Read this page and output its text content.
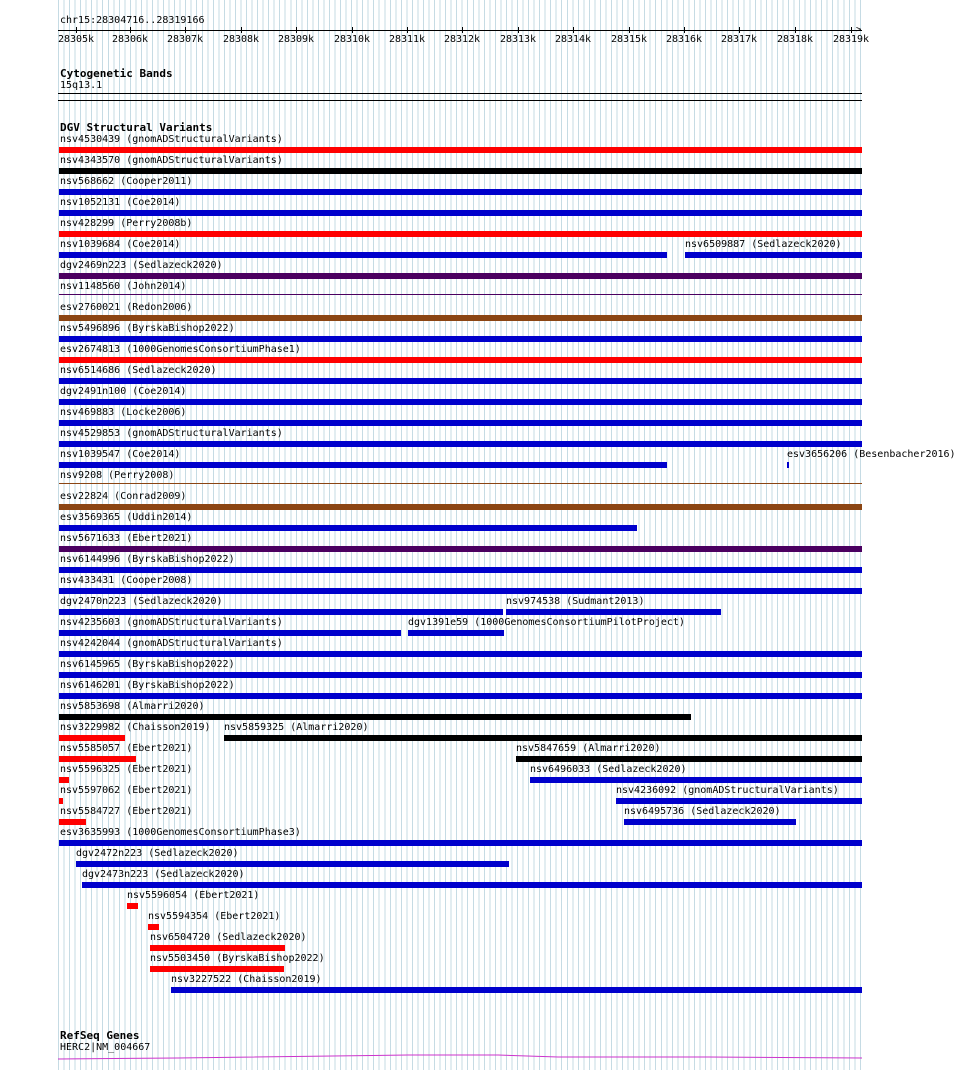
chr15:28304716..28319166
>
28305k 28306k 28307k 28308k 28309k 28310k 28311k 28312k 28313k 28314k 28315k 28316k 28317k 28318k 28319k
Cytogenetic Bands
15q13.1
DGV Structural Variants
nsv4530439 (gnomADStructuralVariants)
nsv4343570 (gnomADStructuralVariants)
nsv568662 (Cooper2011)
nsv1052131 (Coe2014)
nsv428299 (Perry2008b)
nsv1039684 (Coe2014)	nsv6509887 (Sedlazeck2020)
dgv2469n223 (Sedlazeck2020)
nsv1148560 (John2014)
esv2760021 (Redon2006)
nsv5496896 (ByrskaBishop2022)
esv2674813 (1000GenomesConsortiumPhase1)
nsv6514686 (Sedlazeck2020)
dgv2491n100 (Coe2014)
nsv469883 (Locke2006)
nsv4529853 (gnomADStructuralVariants)
nsv1039547 (Coe2014)	esv3656206 (Besenbacher2016)
nsv9208 (Perry2008)
esv22824 (Conrad2009)
esv3569365 (Uddin2014)
nsv5671633 (Ebert2021)
nsv6144996 (ByrskaBishop2022)
nsv433431 (Cooper2008)
dgv2470n223 (Sedlazeck2020)	nsv974538 (Sudmant2013)
nsv4235603 (gnomADStructuralVariants)	dgv1391e59 (1000GenomesConsortiumPilotProject)
nsv4242044 (gnomADStructuralVariants)
nsv6145965 (ByrskaBishop2022)
nsv6146201 (ByrskaBishop2022)
nsv5853698 (Almarri2020)
nsv3229982 (Chaisson2019) nsv5859325 (Almarri2020)
nsv5585057 (Ebert2021)	nsv5847659 (Almarri2020)
nsv5596325 (Ebert2021)	nsv6496033 (Sedlazeck2020)
nsv5597062 (Ebert2021)	nsv4236092 (gnomADStructuralVariants)
nsv5584727 (Ebert2021)	nsv6495736 (Sedlazeck2020)
esv3635993 (1000GenomesConsortiumPhase3)
dgv2472n223 (Sedlazeck2020)
dgv2473n223 (Sedlazeck2020)
nsv5596054 (Ebert2021)
nsv5594354 (Ebert2021)
nsv6504720 (Sedlazeck2020)
nsv5503450 (ByrskaBishop2022)
nsv3227522 (Chaisson2019)
RefSeq Genes
HERC2|NM_004667
